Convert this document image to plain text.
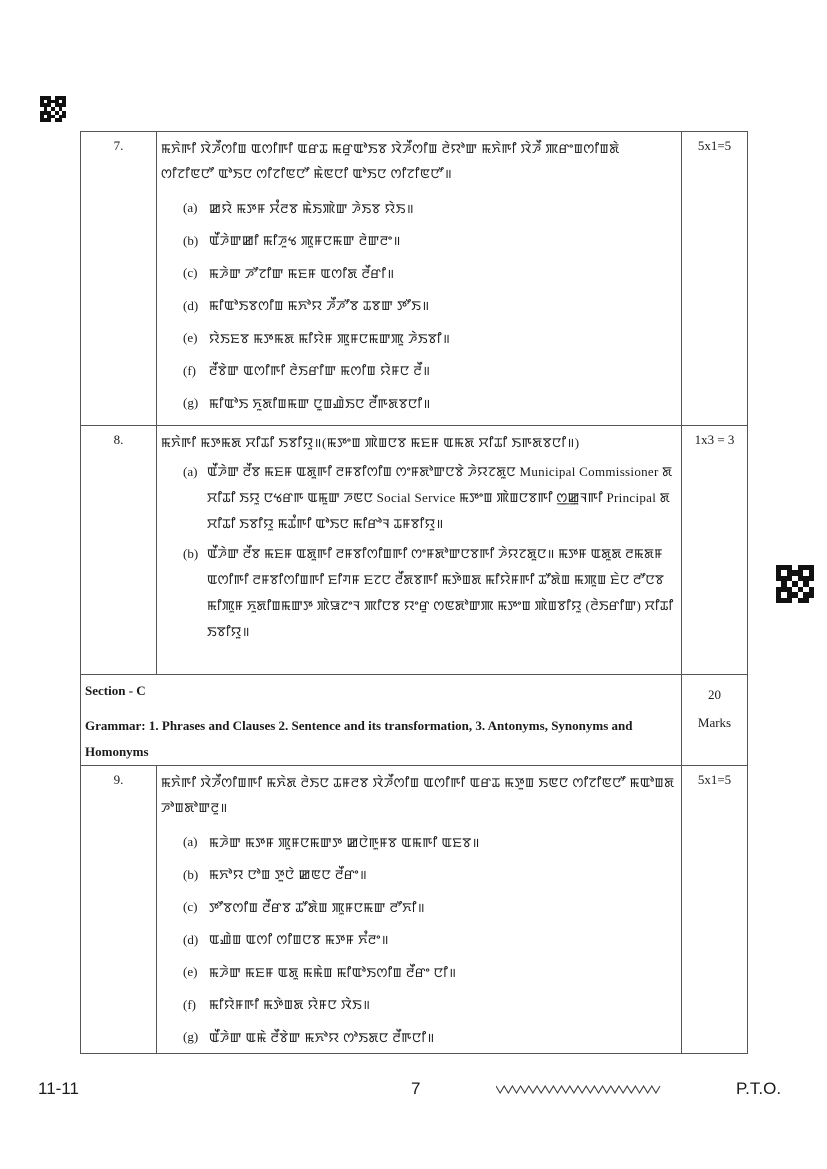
7.	ꯃꯈꯥꯒꯤ ꯋꯥꯍꯩꯁꯤꯡ ꯑꯁꯤꯒꯤ ꯑꯔꯊ ꯃꯔꯨꯑꯣꯏꯕ ꯋꯥꯍꯩꯁꯤꯡ ꯂꯥꯌꯣꯛ ꯃꯈꯥꯒꯤ ꯋꯥꯍꯩ ꯄꯔꯦꯡꯁꯤꯡꯗꯥ ꯁꯤꯖꯤꯟꯅꯧ ꯑꯣꯏꯅ ꯁꯤꯖꯤꯟꯅꯧ ꯃꯥꯟꯅꯤ ꯑꯣꯏꯅ ꯁꯤꯖꯤꯟꯅꯧ॥
(a) ꯀꯌꯥ ꯃꯇꯝ ꯆꯪꯂꯕ ꯃꯥꯏꯄꯥꯛ ꯍꯥꯏꯕ ꯌꯥꯏ॥
(b) ꯑꯩꯍꯥꯛꯀꯤ ꯃꯤꯍꯨꯠ ꯄꯨꯝꯅꯃꯛ ꯂꯥꯛꯂꯦ॥
(c) ꯃꯍꯥꯛ ꯍꯧꯖꯤꯛ ꯃꯐꯝ ꯑꯁꯤꯗ ꯂꯩꯔꯤ॥
(d) ꯃꯤꯑꯣꯏꯕꯁꯤꯡ ꯃꯈꯣꯌ ꯍꯩꯍꯧꯕ ꯊꯕꯛ ꯇꯧꯏ॥
(e) ꯌꯥꯏꯐꯕ ꯃꯇꯃꯗ ꯃꯤꯌꯥꯝ ꯄꯨꯝꯅꯃꯛꯄꯨ ꯍꯥꯏꯕꯤ॥
(f)	ꯂꯩꯕꯥꯛ ꯑꯁꯤꯒꯤ ꯂꯥꯏꯔꯤꯛ ꯃꯁꯤꯡ ꯌꯥꯝꯅ ꯂꯩ॥
(g) ꯃꯤꯑꯣꯏ ꯈꯨꯗꯤꯡꯃꯛ ꯅꯨꯡꯉꯥꯏꯅ ꯂꯩꯒꯗꯕꯅꯤ॥
5x1=5
8.	ꯃꯈꯥꯒꯤ ꯃꯇꯃꯗ ꯆꯤꯊꯤ ꯏꯕꯤꯌꯨ॥(ꯃꯇꯦꯡ ꯄꯥꯡꯅꯕ ꯃꯐꯝ ꯑꯃꯗ ꯆꯤꯊꯤ ꯏꯒꯗꯕꯅꯤ॥)
(a) ꯑꯩꯍꯥꯛ ꯂꯩꯕ ꯃꯐꯝ ꯑꯗꯨꯒꯤ ꯂꯝꯕꯤꯁꯤꯡ ꯁꯦꯝꯗꯣꯛꯅꯕꯥ ꯍꯥꯌꯖꯗꯨꯅ Municipal Commissioner ꯗ ꯆꯤꯊꯤ ꯏꯌꯨ ꯅꯠꯔꯒ ꯑꯃꯨꯛ ꯍꯟꯅ Social Service ꯃꯇꯦꯡ ꯄꯥꯡꯅꯕꯒꯤ ꯁ꯭ꯀꯨꯜꯒꯤ Principal ꯗ ꯆꯤꯊꯤ ꯏꯕꯤꯌꯨ ꯃꯊꯪꯒꯤ ꯑꯣꯏꯅ ꯃꯤꯔꯣꯜ ꯊꯝꯕꯤꯌꯨ॥
(b) ꯑꯩꯍꯥꯛ ꯂꯩꯕ ꯃꯐꯝ ꯑꯗꯨꯒꯤ ꯂꯝꯕꯤꯁꯤꯡꯒꯤ ꯁꯦꯝꯗꯣꯛꯅꯕꯒꯤ ꯍꯥꯌꯖꯗꯨꯅ॥ ꯃꯇꯝ ꯑꯗꯨꯗ ꯂꯃꯗꯝ ꯑꯁꯤꯒꯤ ꯂꯝꯕꯤꯁꯤꯡꯒꯤ ꯐꯤꯚꯝ ꯐꯖꯅ ꯂꯩꯗꯕꯒꯤ ꯃꯇꯥꯡꯗ ꯃꯤꯌꯥꯝꯒꯤ ꯊꯧꯗꯥꯡ ꯃꯄꯨꯡ ꯐꯥꯅ ꯂꯧꯅꯕ ꯃꯤꯄꯨꯝ ꯈꯨꯗꯤꯡꯃꯛꯇ ꯄꯥꯎꯖꯦꯜ ꯄꯤꯅꯕ ꯌꯦꯔꯨ ꯁꯟꯗꯣꯛꯄ ꯃꯇꯦꯡ ꯄꯥꯡꯕꯤꯌꯨ (ꯂꯥꯏꯔꯤꯛ) ꯆꯤꯊꯤ ꯏꯕꯤꯌꯨ॥
1x3 = 3
Section - C
Grammar: 1. Phrases and Clauses 2. Sentence and its transformation, 3. Antonyms, Synonyms and Homonyms
20
Marks
9.	ꯃꯈꯥꯒꯤ ꯋꯥꯍꯩꯁꯤꯡꯒꯤ ꯃꯈꯥꯗ ꯂꯥꯏꯅ ꯊꯝꯂꯕ ꯋꯥꯍꯩꯁꯤꯡ ꯑꯁꯤꯒꯤ ꯑꯔꯊ ꯃꯇꯨꯡ ꯏꯟꯅ ꯁꯤꯖꯤꯟꯅꯧ ꯃꯑꯣꯡꯗ ꯍꯣꯡꯗꯣꯛꯂꯨ॥
(a) ꯃꯍꯥꯛ ꯃꯇꯝ ꯄꯨꯝꯅꯃꯛꯇ ꯀꯅꯥꯒꯨꯝꯕ ꯑꯃꯒꯤ ꯑꯐꯕ॥
(b) ꯃꯈꯣꯌ ꯅꯣꯡ ꯇꯨꯅꯥ ꯀꯟꯅ ꯂꯩꯔꯦ॥
(c) ꯇꯧꯕꯁꯤꯡ ꯂꯩꯔꯕ ꯊꯧꯗꯥꯡ ꯄꯨꯝꯅꯃꯛ ꯂꯧꯈꯤ॥
(d) ꯑꯉꯥꯡ ꯑꯁꯤ ꯁꯤꯡꯅꯕ ꯃꯇꯝ ꯈꯪꯂꯦ॥
(e) ꯃꯍꯥꯛ ꯃꯐꯝ ꯑꯗꯨ ꯃꯃꯥꯡ ꯃꯤꯑꯣꯏꯁꯤꯡ ꯂꯩꯔꯦ ꯅꯤ॥
(f)	ꯃꯤꯌꯥꯝꯒꯤ ꯃꯇꯥꯡꯗ ꯌꯥꯝꯅ ꯋꯥꯏ॥
(g) ꯑꯩꯍꯥꯛ ꯑꯃꯥ ꯂꯩꯕꯥꯛ ꯃꯈꯣꯌ ꯁꯣꯏꯗꯅ ꯂꯩꯒꯅꯤ॥
5x1=5
11-11	7	P.T.O.
